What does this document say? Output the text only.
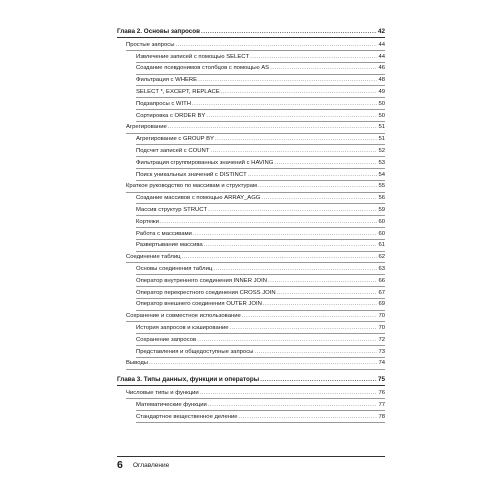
Глава 2. Основы запросов .....	42
Простые запросы .....	44
Извлечение записей с помощью SELECT .....	44
Создание псевдонимов столбцов с помощью AS .....	46
Фильтрация с WHERE .....	48
SELECT *, EXCEPT, REPLACE .....	49
Подзапросы с WITH .....	50
Сортировка с ORDER BY .....	50
Агрегирование .....	51
Агрегирование с GROUP BY .....	51
Подсчет записей с COUNT .....	52
Фильтрация сгруппированных значений с HAVING .....	53
Поиск уникальных значений с DISTINCT .....	54
Краткое руководство по массивам и структурам .....	55
Создание массивов с помощью ARRAY_AGG .....	56
Массив структур STRUCT .....	59
Кортежи .....	60
Работа с массивами .....	60
Развертывание массива .....	61
Соединение таблиц .....	62
Основы соединения таблиц .....	63
Оператор внутреннего соединения INNER JOIN .....	66
Оператор перекрестного соединения CROSS JOIN .....	67
Оператор внешнего соединения OUTER JOIN .....	69
Сохранение и совместное использование .....	70
История запросов и кэширование .....	70
Сохранение запросов .....	72
Представления и общедоступные запросы .....	73
Выводы .....	74
Глава 3. Типы данных, функции и операторы .....	75
Числовые типы и функции .....	76
Математические функции .....	77
Стандартное вещественное деление .....	78
6 Оглавление
